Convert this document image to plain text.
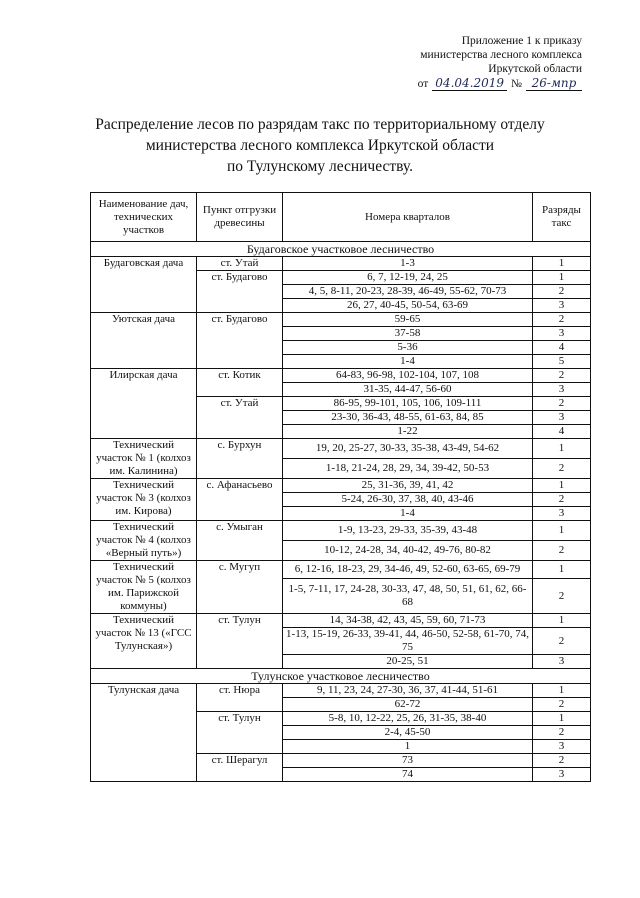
Приложение 1 к приказу
министерства лесного комплекса
Иркутской области
от 04.04.2019 № 26-мпр
Распределение лесов по разрядам такс по территориальному отделу
министерства лесного комплекса Иркутской области
по Тулунскому лесничеству.
Наименование дач, технических участков	Пункт отгрузки древесины	Номера кварталов	Разряды такс
Будаговское участковое лесничество			
Будаговская дача	ст. Утай	1-3	1
	ст. Будагово	6, 7, 12-19, 24, 25	1
		4, 5, 8-11, 20-23, 28-39, 46-49, 55-62, 70-73	2
		26, 27, 40-45, 50-54, 63-69	3
Уютская дача	ст. Будагово	59-65	2
		37-58	3
		5-36	4
		1-4	5
Илирская дача	ст. Котик	64-83, 96-98, 102-104, 107, 108	2
		31-35, 44-47, 56-60	3
	ст. Утай	86-95, 99-101, 105, 106, 109-111	2
		23-30, 36-43, 48-55, 61-63, 84, 85	3
		1-22	4
Технический участок № 1 (колхоз им. Калинина)	с. Бурхун	19, 20, 25-27, 30-33, 35-38, 43-49, 54-62	1
		1-18, 21-24, 28, 29, 34, 39-42, 50-53	2
Технический участок № 3 (колхоз им. Кирова)	с. Афанасьево	25, 31-36, 39, 41, 42	1
		5-24, 26-30, 37, 38, 40, 43-46	2
		1-4	3
Технический участок № 4 (колхоз «Верный путь»)	с. Умыган	1-9, 13-23, 29-33, 35-39, 43-48	1
		10-12, 24-28, 34, 40-42, 49-76, 80-82	2
Технический участок № 5 (колхоз им. Парижской коммуны)	с. Мугуп	6, 12-16, 18-23, 29, 34-46, 49, 52-60, 63-65, 69-79	1
		1-5, 7-11, 17, 24-28, 30-33, 47, 48, 50, 51, 61, 62, 66-68	2
Технический участок № 13 («ГСС Тулунская»)	ст. Тулун	14, 34-38, 42, 43, 45, 59, 60, 71-73	1
		1-13, 15-19, 26-33, 39-41, 44, 46-50, 52-58, 61-70, 74, 75	2
		20-25, 51	3
Тулунское участковое лесничество			
Тулунская дача	ст. Нюра	9, 11, 23, 24, 27-30, 36, 37, 41-44, 51-61	1
		62-72	2
	ст. Тулун	5-8, 10, 12-22, 25, 26, 31-35, 38-40	1
		2-4, 45-50	2
		1	3
	ст. Шерагул	73	2
		74	3
